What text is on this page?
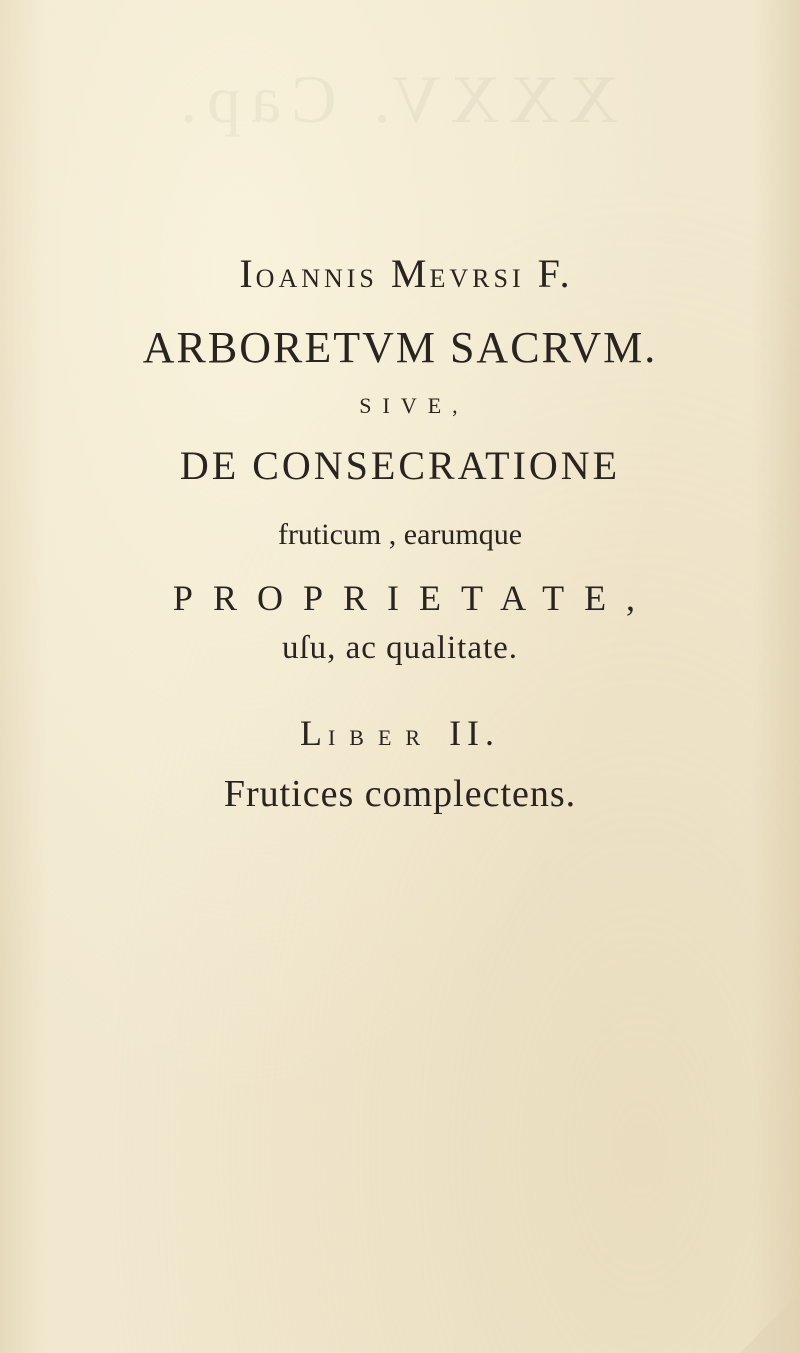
XXXV. Cap.
IOANNIS MEVRSI F.
ARBORETVM SACRVM.
SIVE,
DE CONSECRATIONE
fruticum , earumque
PROPRIETATE,
uſu, ac qualitate.
LIBER II.
Frutices complectens.
